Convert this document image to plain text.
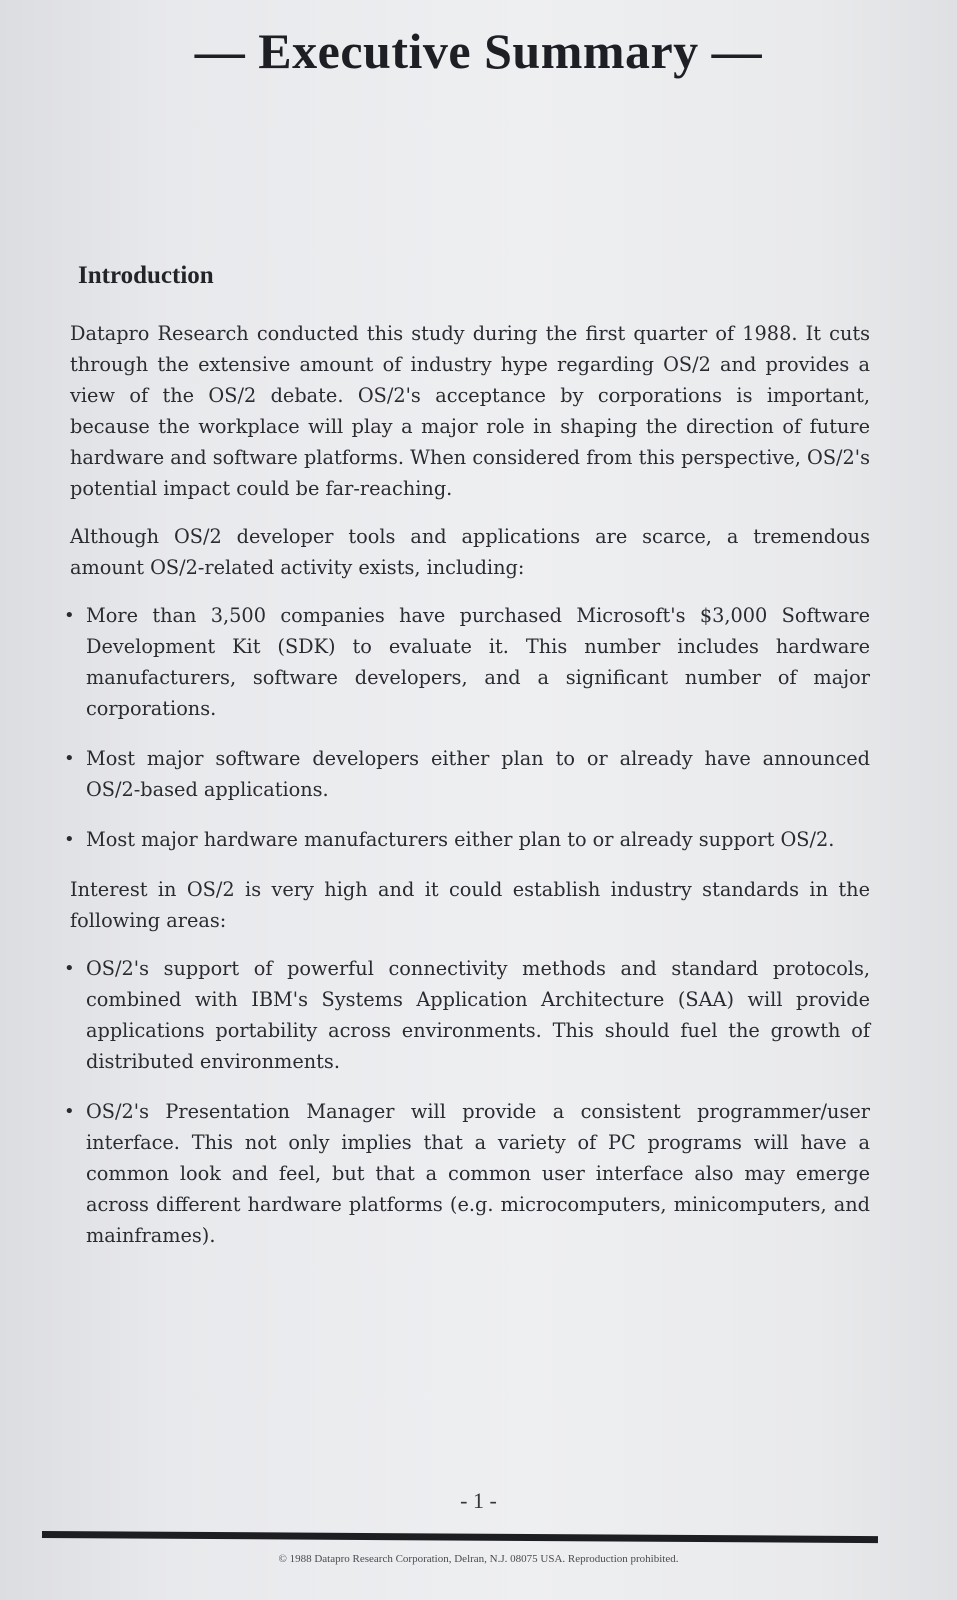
— Executive Summary —
Introduction

Datapro Research conducted this study during the first quarter of 1988. It cuts through the extensive amount of industry hype regarding OS/2 and provides a view of the OS/2 debate. OS/2's acceptance by corporations is important, because the workplace will play a major role in shaping the direction of future hardware and software platforms. When considered from this perspective, OS/2's potential impact could be far-reaching.

Although OS/2 developer tools and applications are scarce, a tremendous amount OS/2-related activity exists, including:

• More than 3,500 companies have purchased Microsoft's $3,000 Software Development Kit (SDK) to evaluate it. This number includes hardware manufacturers, software developers, and a significant number of major corporations.
• Most major software developers either plan to or already have announced OS/2-based applications.
• Most major hardware manufacturers either plan to or already support OS/2.

Interest in OS/2 is very high and it could establish industry standards in the following areas:

• OS/2's support of powerful connectivity methods and standard protocols, combined with IBM's Systems Application Architecture (SAA) will provide applications portability across environments. This should fuel the growth of distributed environments.
• OS/2's Presentation Manager will provide a consistent programmer/user interface. This not only implies that a variety of PC programs will have a common look and feel, but that a common user interface also may emerge across different hardware platforms (e.g. microcomputers, minicomputers, and mainframes).
- 1 -
© 1988 Datapro Research Corporation, Delran, N.J. 08075 USA. Reproduction prohibited.
